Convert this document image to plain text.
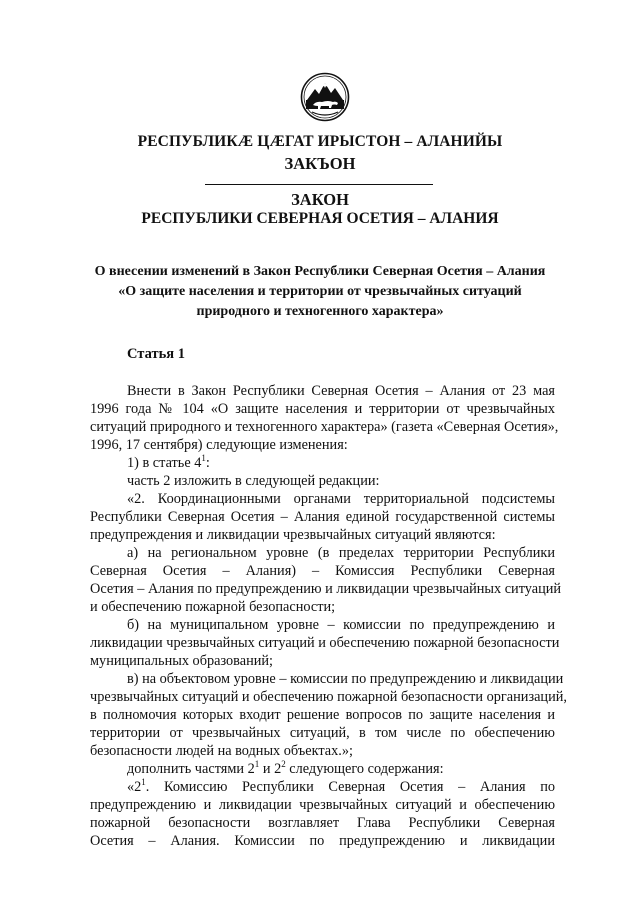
РЕСПУБЛИКӔ ЦӔГАТ ИРЫСТОН – АЛАНИЙЫ
ЗАКЪОН
ЗАКОН
РЕСПУБЛИКИ СЕВЕРНАЯ ОСЕТИЯ – АЛАНИЯ
О внесении изменений в Закон Республики Северная Осетия – Алания
«О защите населения и территории от чрезвычайных ситуаций
природного и техногенного характера»
Статья 1
Внести в Закон Республики Северная Осетия – Алания от 23 мая
1996 года № 104 «О защите населения и территории от чрезвычайных
ситуаций природного и техногенного характера» (газета «Северная Осетия»,
1996, 17 сентября) следующие изменения:
1) в статье $4^1$:
часть 2 изложить в следующей редакции:
«2. Координационными органами территориальной подсистемы
Республики Северная Осетия – Алания единой государственной системы
предупреждения и ликвидации чрезвычайных ситуаций являются:
а) на региональном уровне (в пределах территории Республики
Северная Осетия – Алания) – Комиссия Республики Северная
Осетия – Алания по предупреждению и ликвидации чрезвычайных ситуаций
и обеспечению пожарной безопасности;
б) на муниципальном уровне – комиссии по предупреждению и
ликвидации чрезвычайных ситуаций и обеспечению пожарной безопасности
муниципальных образований;
в) на объектовом уровне – комиссии по предупреждению и ликвидации
чрезвычайных ситуаций и обеспечению пожарной безопасности организаций,
в полномочия которых входит решение вопросов по защите населения и
территории от чрезвычайных ситуаций, в том числе по обеспечению
безопасности людей на водных объектах.»;
дополнить частями $2^1$ и $2^2$ следующего содержания:
«$2^1$. Комиссию Республики Северная Осетия – Алания по
предупреждению и ликвидации чрезвычайных ситуаций и обеспечению
пожарной безопасности возглавляет Глава Республики Северная
Осетия – Алания. Комиссии по предупреждению и ликвидации
